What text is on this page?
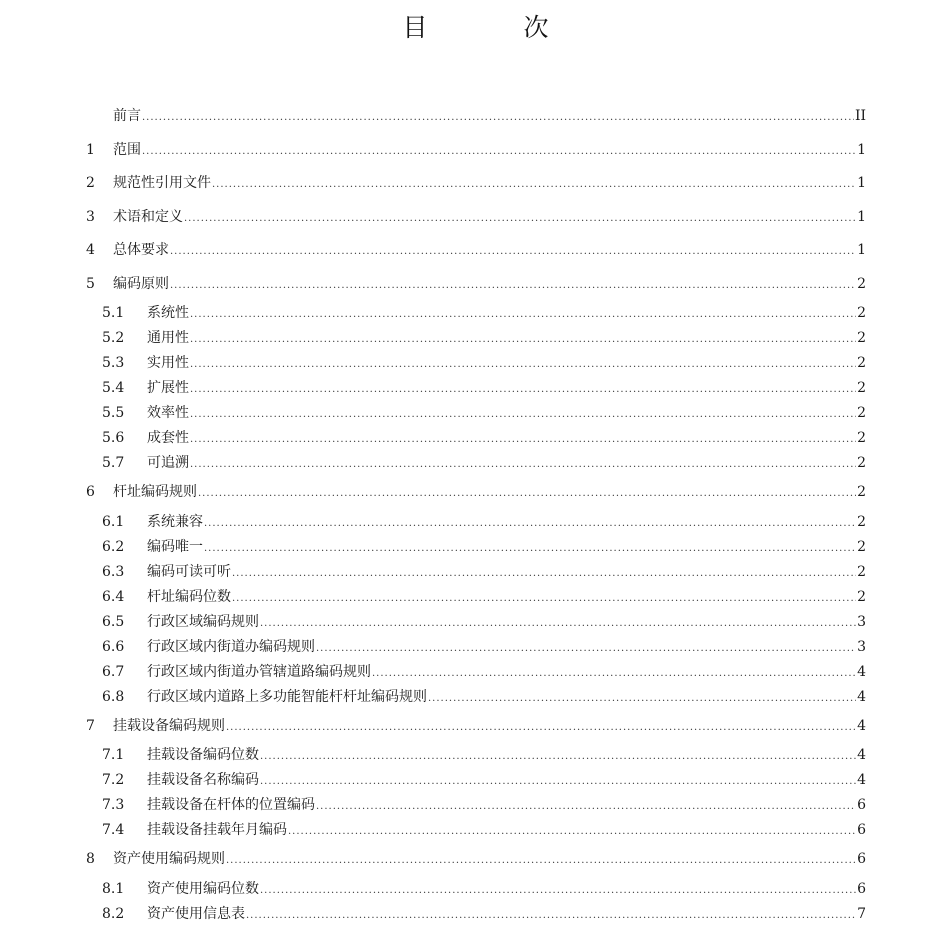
目 次
前言 .....	II
1	范围 .....	1
2	规范性引用文件 .....	1
3	术语和定义 .....	1
4	总体要求 .....	1
5	编码原则 .....	2
5.1	系统性 .....	2
5.2	通用性 .....	2
5.3	实用性 .....	2
5.4	扩展性 .....	2
5.5	效率性 .....	2
5.6	成套性 .....	2
5.7	可追溯 .....	2
6	杆址编码规则 .....	2
6.1	系统兼容 .....	2
6.2	编码唯一 .....	2
6.3	编码可读可听 .....	2
6.4	杆址编码位数 .....	2
6.5	行政区域编码规则 .....	3
6.6	行政区域内街道办编码规则 .....	3
6.7	行政区域内街道办管辖道路编码规则 .....	4
6.8	行政区域内道路上多功能智能杆杆址编码规则 .....	4
7	挂载设备编码规则 .....	4
7.1	挂载设备编码位数 .....	4
7.2	挂载设备名称编码 .....	4
7.3	挂载设备在杆体的位置编码 .....	6
7.4	挂载设备挂载年月编码 .....	6
8	资产使用编码规则 .....	6
8.1	资产使用编码位数 .....	6
8.2	资产使用信息表 .....	7
